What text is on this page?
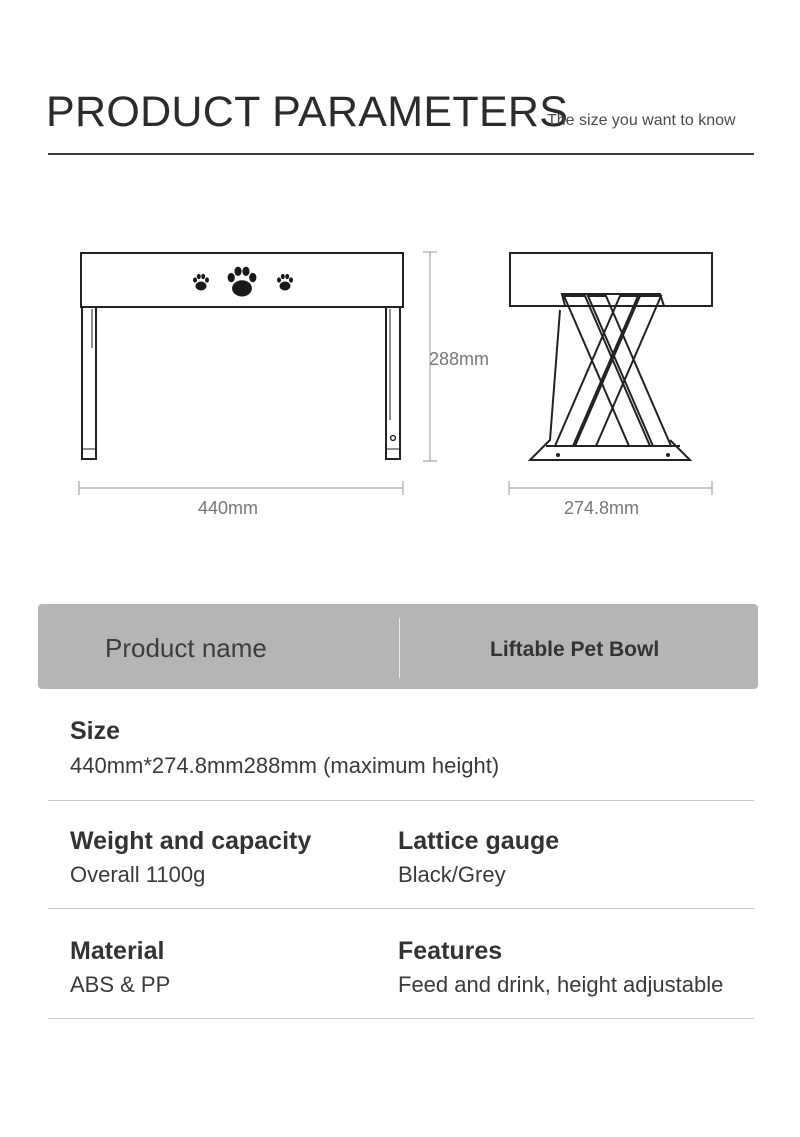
PRODUCT PARAMETERS
The size you want to know
288mm
440mm	274.8mm
Product name	Liftable Pet Bowl
Size
440mm*274.8mm288mm (maximum height)
Weight and capacity
Overall 1100g
Lattice gauge
Black/Grey
Material
ABS & PP
Features
Feed and drink, height adjustable
